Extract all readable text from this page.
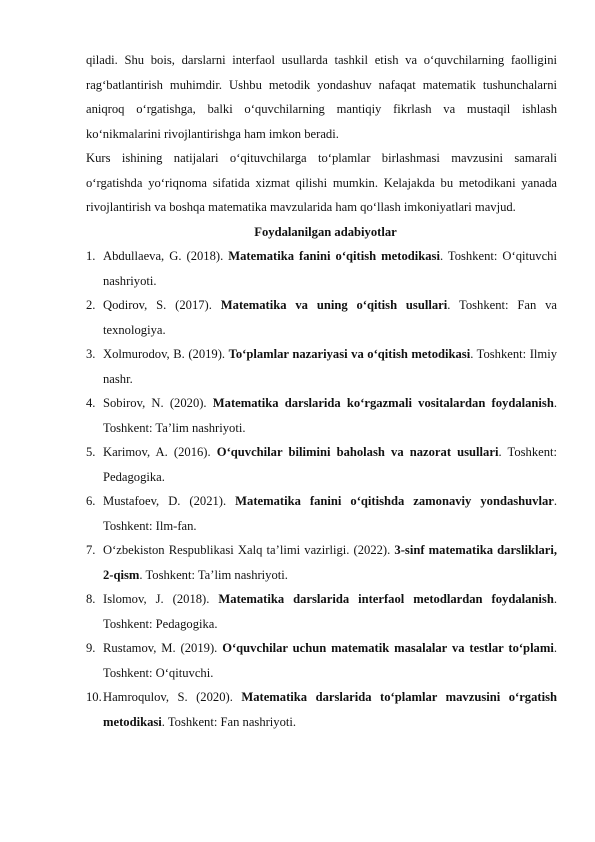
qiladi. Shu bois, darslarni interfaol usullarda tashkil etish va o‘quvchilarning faolligini rag‘batlantirish muhimdir. Ushbu metodik yondashuv nafaqat matematik tushunchalarni aniqroq o‘rgatishga, balki o‘quvchilarning mantiqiy fikrlash va mustaqil ishlash ko‘nikmalarini rivojlantirishga ham imkon beradi.

Kurs ishining natijalari o‘qituvchilarga to‘plamlar birlashmasi mavzusini samarali o‘rgatishda yo‘riqnoma sifatida xizmat qilishi mumkin. Kelajakda bu metodikani yanada rivojlantirish va boshqa matematika mavzularida ham qo‘llash imkoniyatlari mavjud.

Foydalanilgan adabiyotlar

1. Abdullaeva, G. (2018). Matematika fanini o‘qitish metodikasi. Toshkent: O‘qituvchi nashriyoti.
2. Qodirov, S. (2017). Matematika va uning o‘qitish usullari. Toshkent: Fan va texnologiya.
3. Xolmurodov, B. (2019). To‘plamlar nazariyasi va o‘qitish metodikasi. Toshkent: Ilmiy nashr.
4. Sobirov, N. (2020). Matematika darslarida ko‘rgazmali vositalardan foydalanish. Toshkent: Ta’lim nashriyoti.
5. Karimov, A. (2016). O‘quvchilar bilimini baholash va nazorat usullari. Toshkent: Pedagogika.
6. Mustafoev, D. (2021). Matematika fanini o‘qitishda zamonaviy yondashuvlar. Toshkent: Ilm-fan.
7. O‘zbekiston Respublikasi Xalq ta’limi vazirligi. (2022). 3-sinf matematika darsliklari, 2-qism. Toshkent: Ta’lim nashriyoti.
8. Islomov, J. (2018). Matematika darslarida interfaol metodlardan foydalanish. Toshkent: Pedagogika.
9. Rustamov, M. (2019). O‘quvchilar uchun matematik masalalar va testlar to‘plami. Toshkent: O‘qituvchi.
10. Hamroqulov, S. (2020). Matematika darslarida to‘plamlar mavzusini o‘rgatish metodikasi. Toshkent: Fan nashriyoti.
